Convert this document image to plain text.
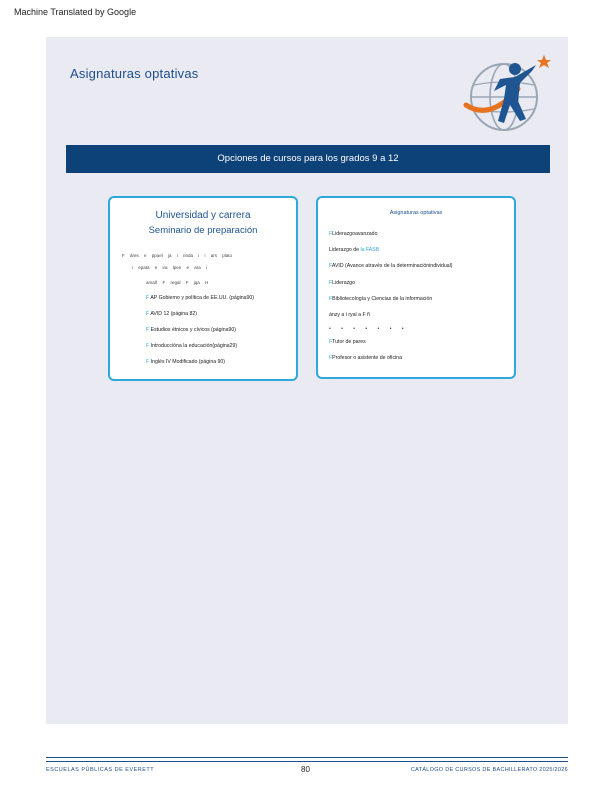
Machine Translated by Google
Asignaturas optativas
Opciones de cursos para los grados 9 a 12
Universidad y carrera
Seminario de preparación
F áres e ppuel ja i rinda i i ars plato
i epata e ira lpen e ara i
amañ F regal F jqa H
F AP Gobierno y política de EE.UU. (página90)
F AVID 12 (página 82)
F Estudios étnicos y cívicos (página90)
F Introduccióna la educación(página29)
F Inglés IV Modificado (página 90)
Asignaturas optativas
FLiderazgoavanzado
Liderazgo de la FASB
FAVID (Avance através de la determinaciónindividual)
FLiderazgo
FBibliotecología y Ciencias de la información
ánzy a i ryal a F ñ
• • • • • • •
FTutor de pares
FProfesor o asistente de oficina
ESCUELAS PÚBLICAS DE EVERETT	80	CATÁLOGO DE CURSOS DE BACHILLERATO 2025/2026
